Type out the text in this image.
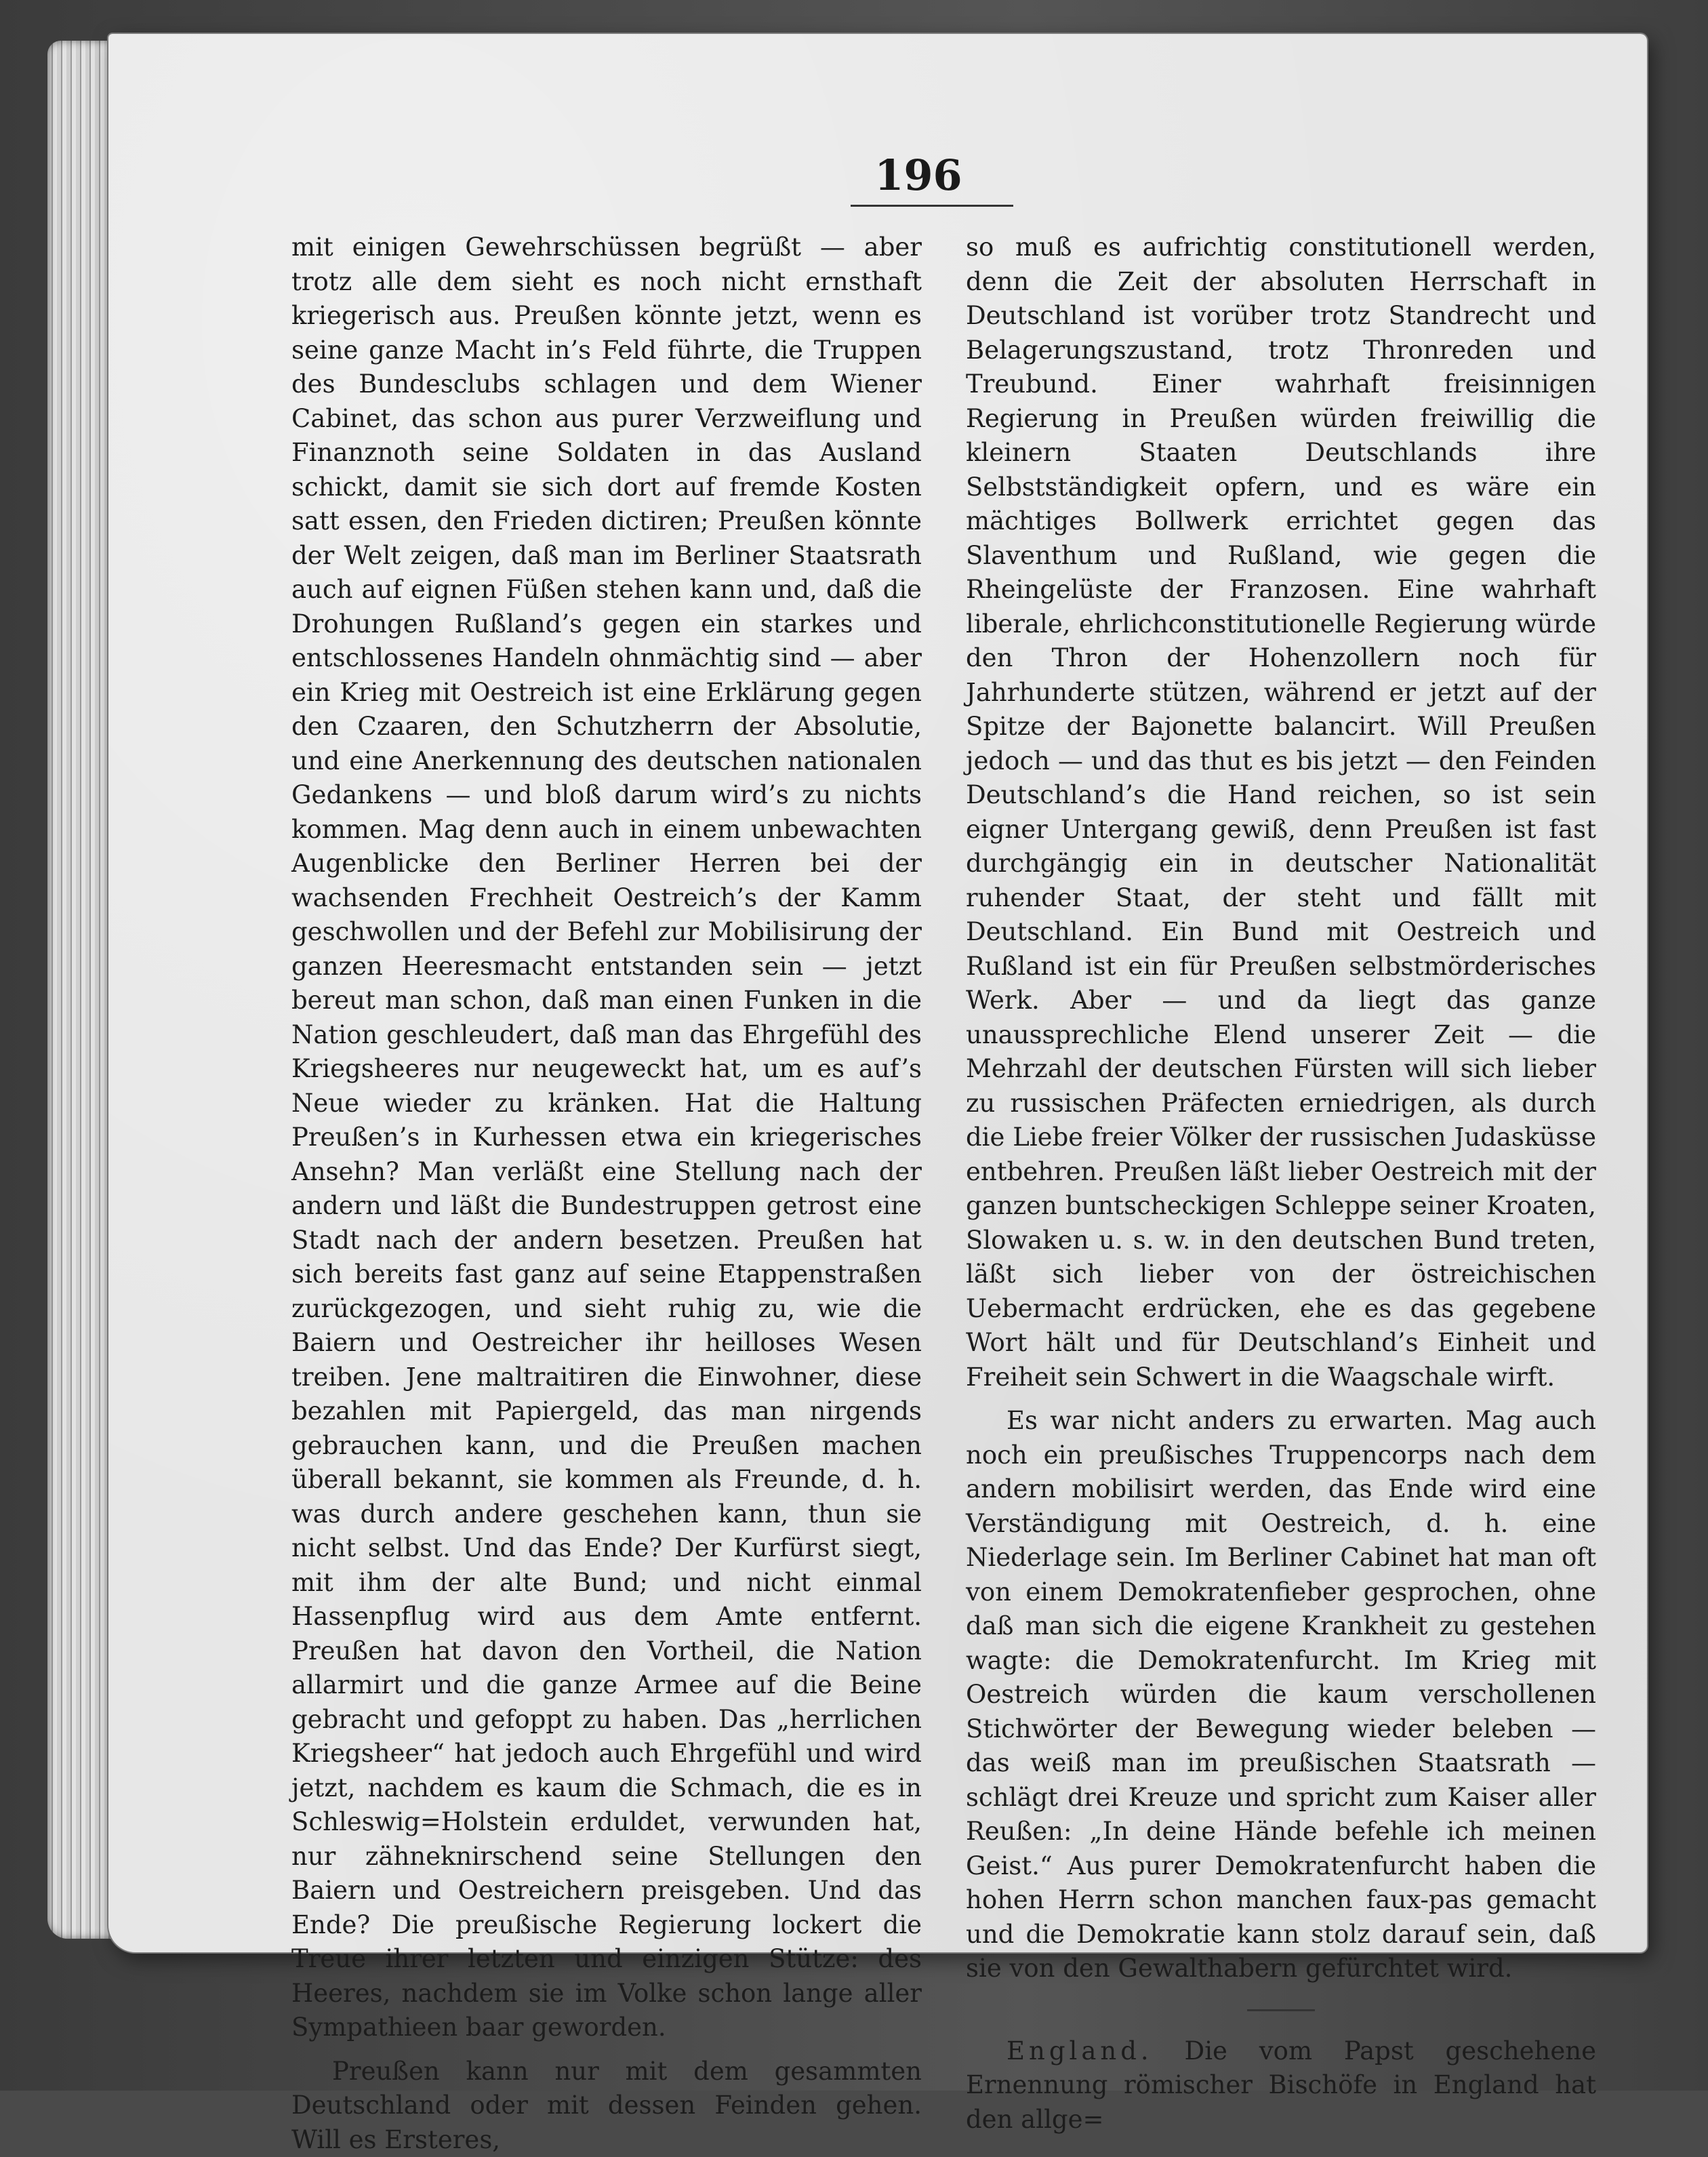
196

mit einigen Gewehrschüssen begrüßt — aber trotz alle dem sieht es noch nicht ernsthaft kriegerisch aus. Preußen könnte jetzt, wenn es seine ganze Macht in’s Feld führte, die Truppen des Bundesclubs schlagen und dem Wiener Cabinet, das schon aus purer Verzweiflung und Finanznoth seine Soldaten in das Ausland schickt, damit sie sich dort auf fremde Kosten satt essen, den Frieden dictiren; Preußen könnte der Welt zeigen, daß man im Berliner Staatsrath auch auf eignen Füßen stehen kann und, daß die Drohungen Rußland’s gegen ein starkes und entschlossenes Handeln ohnmächtig sind — aber ein Krieg mit Oestreich ist eine Erklärung gegen den Czaaren, den Schutzherrn der Absolutie, und eine Anerkennung des deutschen nationalen Gedankens — und bloß darum wird’s zu nichts kommen. Mag denn auch in einem unbewachten Augenblicke den Berliner Herren bei der wachsenden Frechheit Oestreich’s der Kamm geschwollen und der Befehl zur Mobilisirung der ganzen Heeresmacht entstanden sein — jetzt bereut man schon, daß man einen Funken in die Nation geschleudert, daß man das Ehrgefühl des Kriegsheeres nur neugeweckt hat, um es auf’s Neue wieder zu kränken. Hat die Haltung Preußen’s in Kurhessen etwa ein kriegerisches Ansehn? Man verläßt eine Stellung nach der andern und läßt die Bundestruppen getrost eine Stadt nach der andern besetzen. Preußen hat sich bereits fast ganz auf seine Etappenstraßen zurückgezogen, und sieht ruhig zu, wie die Baiern und Oestreicher ihr heilloses Wesen treiben. Jene maltraitiren die Einwohner, diese bezahlen mit Papiergeld, das man nirgends gebrauchen kann, und die Preußen machen überall bekannt, sie kommen als Freunde, d. h. was durch andere geschehen kann, thun sie nicht selbst. Und das Ende? Der Kurfürst siegt, mit ihm der alte Bund; und nicht einmal Hassenpflug wird aus dem Amte entfernt. Preußen hat davon den Vortheil, die Nation allarmirt und die ganze Armee auf die Beine gebracht und gefoppt zu haben. Das „herrlichen Kriegsheer“ hat jedoch auch Ehrgefühl und wird jetzt, nachdem es kaum die Schmach, die es in Schleswig=Holstein erduldet, verwunden hat, nur zähneknirschend seine Stellungen den Baiern und Oestreichern preisgeben. Und das Ende? Die preußische Regierung lockert die Treue ihrer letzten und einzigen Stütze: des Heeres, nachdem sie im Volke schon lange aller Sympathieen baar geworden.

Preußen kann nur mit dem gesammten Deutschland oder mit dessen Feinden gehen. Will es Ersteres,

so muß es aufrichtig constitutionell werden, denn die Zeit der absoluten Herrschaft in Deutschland ist vorüber trotz Standrecht und Belagerungszustand, trotz Thronreden und Treubund. Einer wahrhaft freisinnigen Regierung in Preußen würden freiwillig die kleinern Staaten Deutschlands ihre Selbstständigkeit opfern, und es wäre ein mächtiges Bollwerk errichtet gegen das Slaventhum und Rußland, wie gegen die Rheingelüste der Franzosen. Eine wahrhaft liberale, ehrlichconstitutionelle Regierung würde den Thron der Hohenzollern noch für Jahrhunderte stützen, während er jetzt auf der Spitze der Bajonette balancirt. Will Preußen jedoch — und das thut es bis jetzt — den Feinden Deutschland’s die Hand reichen, so ist sein eigner Untergang gewiß, denn Preußen ist fast durchgängig ein in deutscher Nationalität ruhender Staat, der steht und fällt mit Deutschland. Ein Bund mit Oestreich und Rußland ist ein für Preußen selbstmörderisches Werk. Aber — und da liegt das ganze unaussprechliche Elend unserer Zeit — die Mehrzahl der deutschen Fürsten will sich lieber zu russischen Präfecten erniedrigen, als durch die Liebe freier Völker der russischen Judasküsse entbehren. Preußen läßt lieber Oestreich mit der ganzen buntscheckigen Schleppe seiner Kroaten, Slowaken u. s. w. in den deutschen Bund treten, läßt sich lieber von der östreichischen Uebermacht erdrücken, ehe es das gegebene Wort hält und für Deutschland’s Einheit und Freiheit sein Schwert in die Waagschale wirft.

Es war nicht anders zu erwarten. Mag auch noch ein preußisches Truppencorps nach dem andern mobilisirt werden, das Ende wird eine Verständigung mit Oestreich, d. h. eine Niederlage sein. Im Berliner Cabinet hat man oft von einem Demokratenfieber gesprochen, ohne daß man sich die eigene Krankheit zu gestehen wagte: die Demokratenfurcht. Im Krieg mit Oestreich würden die kaum verschollenen Stichwörter der Bewegung wieder beleben — das weiß man im preußischen Staatsrath — schlägt drei Kreuze und spricht zum Kaiser aller Reußen: „In deine Hände befehle ich meinen Geist.“ Aus purer Demokratenfurcht haben die hohen Herrn schon manchen faux-pas gemacht und die Demokratie kann stolz darauf sein, daß sie von den Gewalthabern gefürchtet wird.

England. Die vom Papst geschehene Ernennung römischer Bischöfe in England hat den allge=
